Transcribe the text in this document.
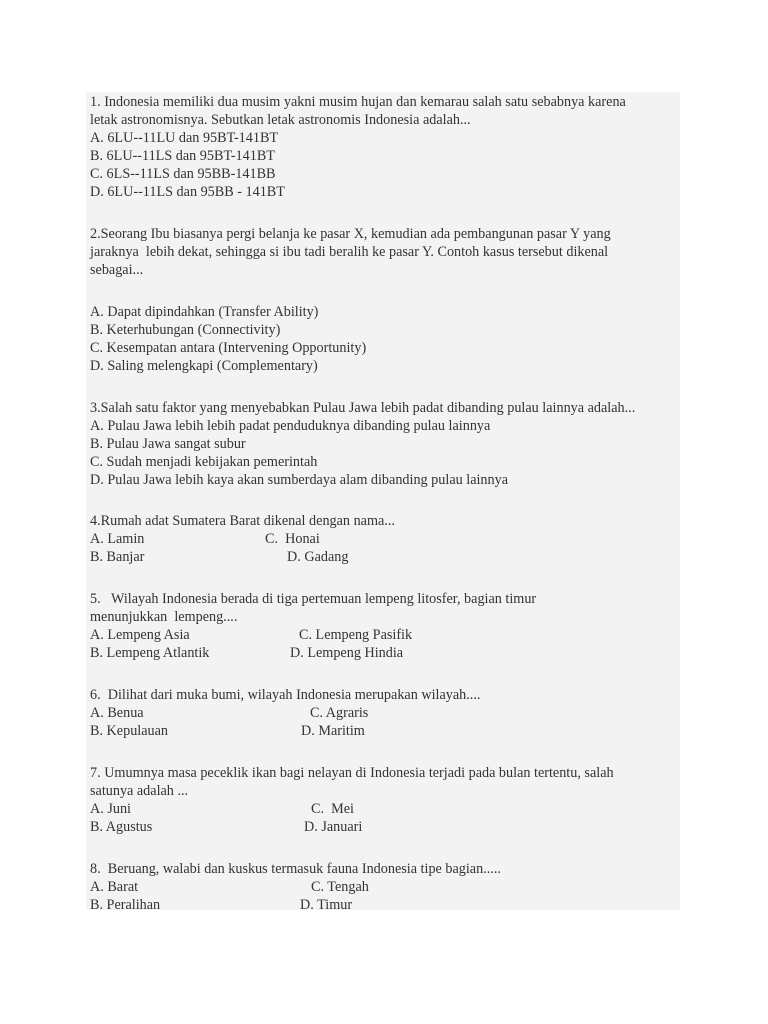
1. Indonesia memiliki dua musim yakni musim hujan dan kemarau salah satu sebabnya karena
letak astronomisnya. Sebutkan letak astronomis Indonesia adalah...
A. 6LU--11LU dan 95BT-141BT
B. 6LU--11LS dan 95BT-141BT
C. 6LS--11LS dan 95BB-141BB
D. 6LU--11LS dan 95BB - 141BT
2.Seorang Ibu biasanya pergi belanja ke pasar X, kemudian ada pembangunan pasar Y yang
jaraknya  lebih dekat, sehingga si ibu tadi beralih ke pasar Y. Contoh kasus tersebut dikenal
sebagai...
A. Dapat dipindahkan (Transfer Ability)
B. Keterhubungan (Connectivity)
C. Kesempatan antara (Intervening Opportunity)
D. Saling melengkapi (Complementary)
3.Salah satu faktor yang menyebabkan Pulau Jawa lebih padat dibanding pulau lainnya adalah...
A. Pulau Jawa lebih lebih padat penduduknya dibanding pulau lainnya
B. Pulau Jawa sangat subur
C. Sudah menjadi kebijakan pemerintah
D. Pulau Jawa lebih kaya akan sumberdaya alam dibanding pulau lainnya
4.Rumah adat Sumatera Barat dikenal dengan nama...
A. Lamin	C.  Honai
B. Banjar	D. Gadang
5.   Wilayah Indonesia berada di tiga pertemuan lempeng litosfer, bagian timur
menunjukkan  lempeng....
A. Lempeng Asia	C. Lempeng Pasifik
B. Lempeng Atlantik	D. Lempeng Hindia
6.  Dilihat dari muka bumi, wilayah Indonesia merupakan wilayah....
A. Benua	C. Agraris
B. Kepulauan	D. Maritim
7. Umumnya masa peceklik ikan bagi nelayan di Indonesia terjadi pada bulan tertentu, salah
satunya adalah ...
A. Juni	C.  Mei
B. Agustus	D. Januari
8.  Beruang, walabi dan kuskus termasuk fauna Indonesia tipe bagian.....
A. Barat	C. Tengah
B. Peralihan	D. Timur
